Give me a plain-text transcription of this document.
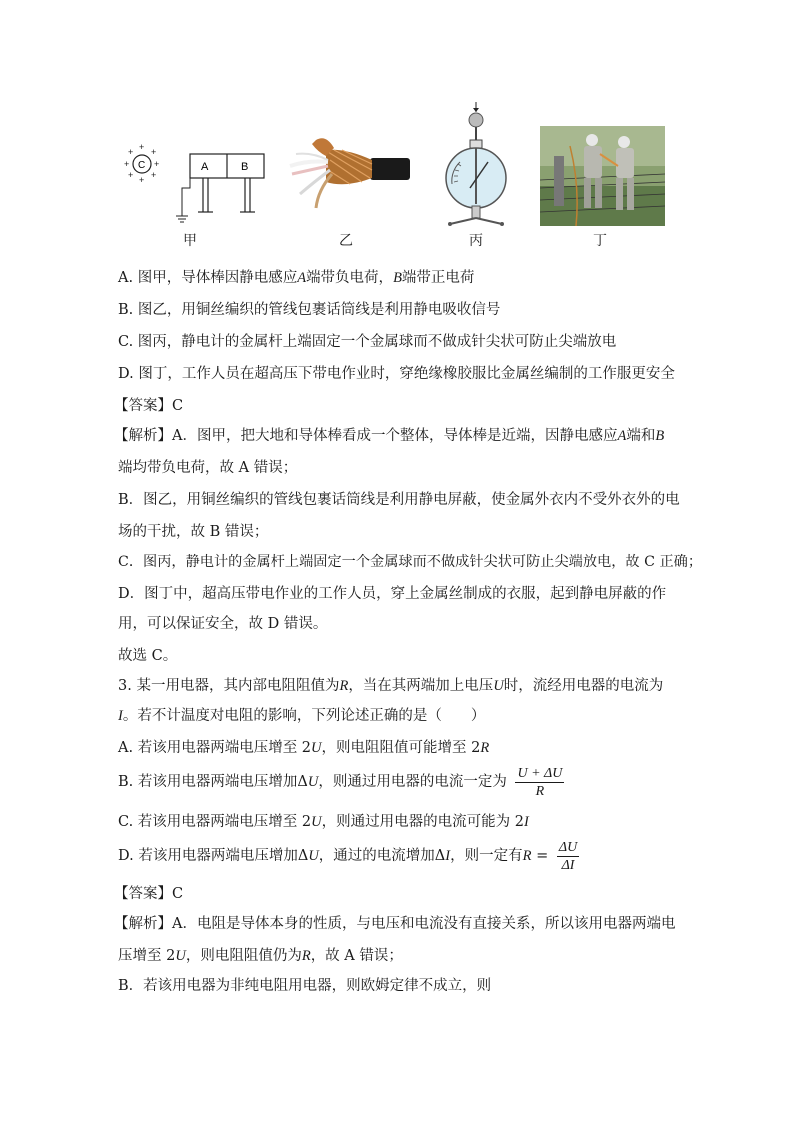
C
+
+
+	+
+ +
+ +
A	B
甲	乙	丙	丁
A. 图甲，导体棒因静电感应A端带负电荷，B端带正电荷
B. 图乙，用铜丝编织的管线包裹话筒线是利用静电吸收信号
C. 图丙，静电计的金属杆上端固定一个金属球而不做成针尖状可防止尖端放电
D. 图丁，工作人员在超高压下带电作业时，穿绝缘橡胶服比金属丝编制的工作服更安全
【答案】C
【解析】A．图甲，把大地和导体棒看成一个整体，导体棒是近端，因静电感应A端和B
端均带负电荷，故 A 错误；
B．图乙，用铜丝编织的管线包裹话筒线是利用静电屏蔽，使金属外衣内不受外衣外的电
场的干扰，故 B 错误；
C．图丙，静电计的金属杆上端固定一个金属球而不做成针尖状可防止尖端放电，故 C 正确；
D．图丁中，超高压带电作业的工作人员，穿上金属丝制成的衣服，起到静电屏蔽的作
用，可以保证安全，故 D 错误。
故选 C。
3. 某一用电器，其内部电阻阻值为R，当在其两端加上电压U时，流经用电器的电流为
I。若不计温度对电阻的影响，下列论述正确的是（　　）
A. 若该用电器两端电压增至 2U，则电阻阻值可能增至 2R
B. 若该用电器两端电压增加ΔU，则通过用电器的电流一定为 $\frac{U + \Delta U}{R}$
C. 若该用电器两端电压增至 2U，则通过用电器的电流可能为 2I
D. 若该用电器两端电压增加ΔU，通过的电流增加ΔI，则一定有$R = \frac{\Delta U}{\Delta I}$
【答案】C
【解析】A．电阻是导体本身的性质，与电压和电流没有直接关系，所以该用电器两端电
压增至 2U，则电阻阻值仍为R，故 A 错误；
B．若该用电器为非纯电阻用电器，则欧姆定律不成立，则
